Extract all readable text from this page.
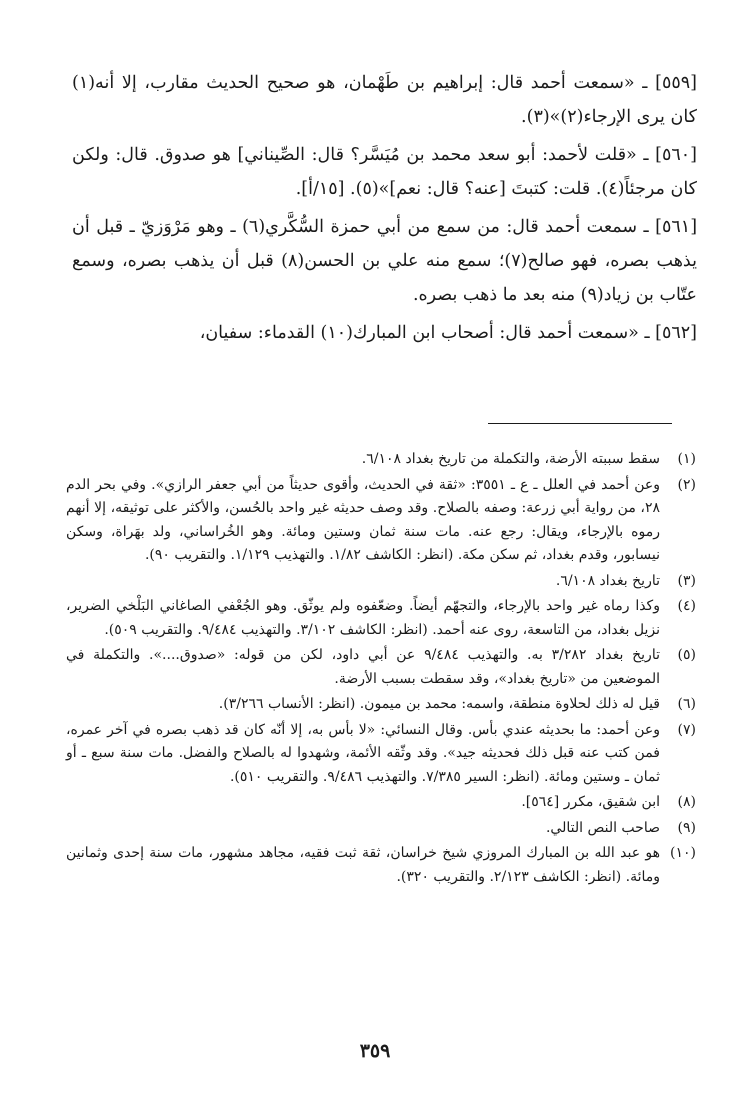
[٥٥٩] ـ «سمعت أحمد قال: إبراهيم بن طَهْمان، هو صحيح الحديث مقارب، إلا أنه(١) كان يرى الإرجاء(٢)»(٣).

[٥٦٠] ـ «قلت لأحمد: أبو سعد محمد بن مُيَسَّر؟ قال: الصِّيناني] هو صدوق. قال: ولكن كان مرجئاً(٤). قلت: كتبتَ [عنه؟ قال: نعم]»(٥). [١٥/أ].

[٥٦١] ـ سمعت أحمد قال: من سمع من أبي حمزة السُّكَّري(٦) ـ وهو مَرْوَزيّ ـ قبل أن يذهب بصره، فهو صالح(٧)؛ سمع منه علي بن الحسن(٨) قبل أن يذهب بصره، وسمع عتّاب بن زياد(٩) منه بعد ما ذهب بصره.

[٥٦٢] ـ «سمعت أحمد قال: أصحاب ابن المبارك(١٠) القدماء: سفيان،

(١)
سقط سببته الأرضة، والتكملة من تاريخ بغداد ٦/١٠٨.
(٢)
وعن أحمد في العلل ـ ع ـ ٣٥٥١: «ثقة في الحديث، وأقوى حديثاً من أبي جعفر الرازي». وفي بحر الدم ٢٨، من رواية أبي زرعة: وصفه بالصلاح. وقد وصف حديثه غير واحد بالحُسن، والأكثر على توثيقه، إلا أنهم رموه بالإرجاء، ويقال: رجع عنه. مات سنة ثمان وستين ومائة. وهو الخُراساني، ولد بهَراة، وسكن نيسابور، وقدم بغداد، ثم سكن مكة. (انظر: الكاشف ١/٨٢. والتهذيب ١/١٢٩. والتقريب ٩٠).
(٣)
تاريخ بغداد ٦/١٠٨.
(٤)
وكذا رماه غير واحد بالإرجاء، والتجهّم أيضاً. وضعّفوه ولم يوثّق. وهو الجُعْفي الصاغاني البَلْخي الضرير، نزيل بغداد، من التاسعة، روى عنه أحمد. (انظر: الكاشف ٣/١٠٢. والتهذيب ٩/٤٨٤. والتقريب ٥٠٩).
(٥)
تاريخ بغداد ٣/٢٨٢ به. والتهذيب ٩/٤٨٤ عن أبي داود، لكن من قوله: «صدوق....». والتكملة في الموضعين من «تاريخ بغداد»، وقد سقطت بسبب الأرضة.
(٦)
قيل له ذلك لحلاوة منطقة، واسمه: محمد بن ميمون. (انظر: الأنساب ٣/٢٦٦).
(٧)
وعن أحمد: ما بحديثه عندي بأس. وقال النسائي: «لا بأس به، إلا أنّه كان قد ذهب بصره في آخر عمره، فمن كتب عنه قبل ذلك فحديثه جيد». وقد وثّقه الأئمة، وشهدوا له بالصلاح والفضل. مات سنة سبع ـ أو ثمان ـ وستين ومائة. (انظر: السير ٧/٣٨٥. والتهذيب ٩/٤٨٦. والتقريب ٥١٠).
(٨)
ابن شقيق، مكرر [٥٦٤].
(٩)
صاحب النص التالي.
(١٠)
هو عبد الله بن المبارك المروزي شيخ خراسان، ثقة ثبت فقيه، مجاهد مشهور، مات سنة إحدى وثمانين ومائة. (انظر: الكاشف ٢/١٢٣. والتقريب ٣٢٠).
٣٥٩
